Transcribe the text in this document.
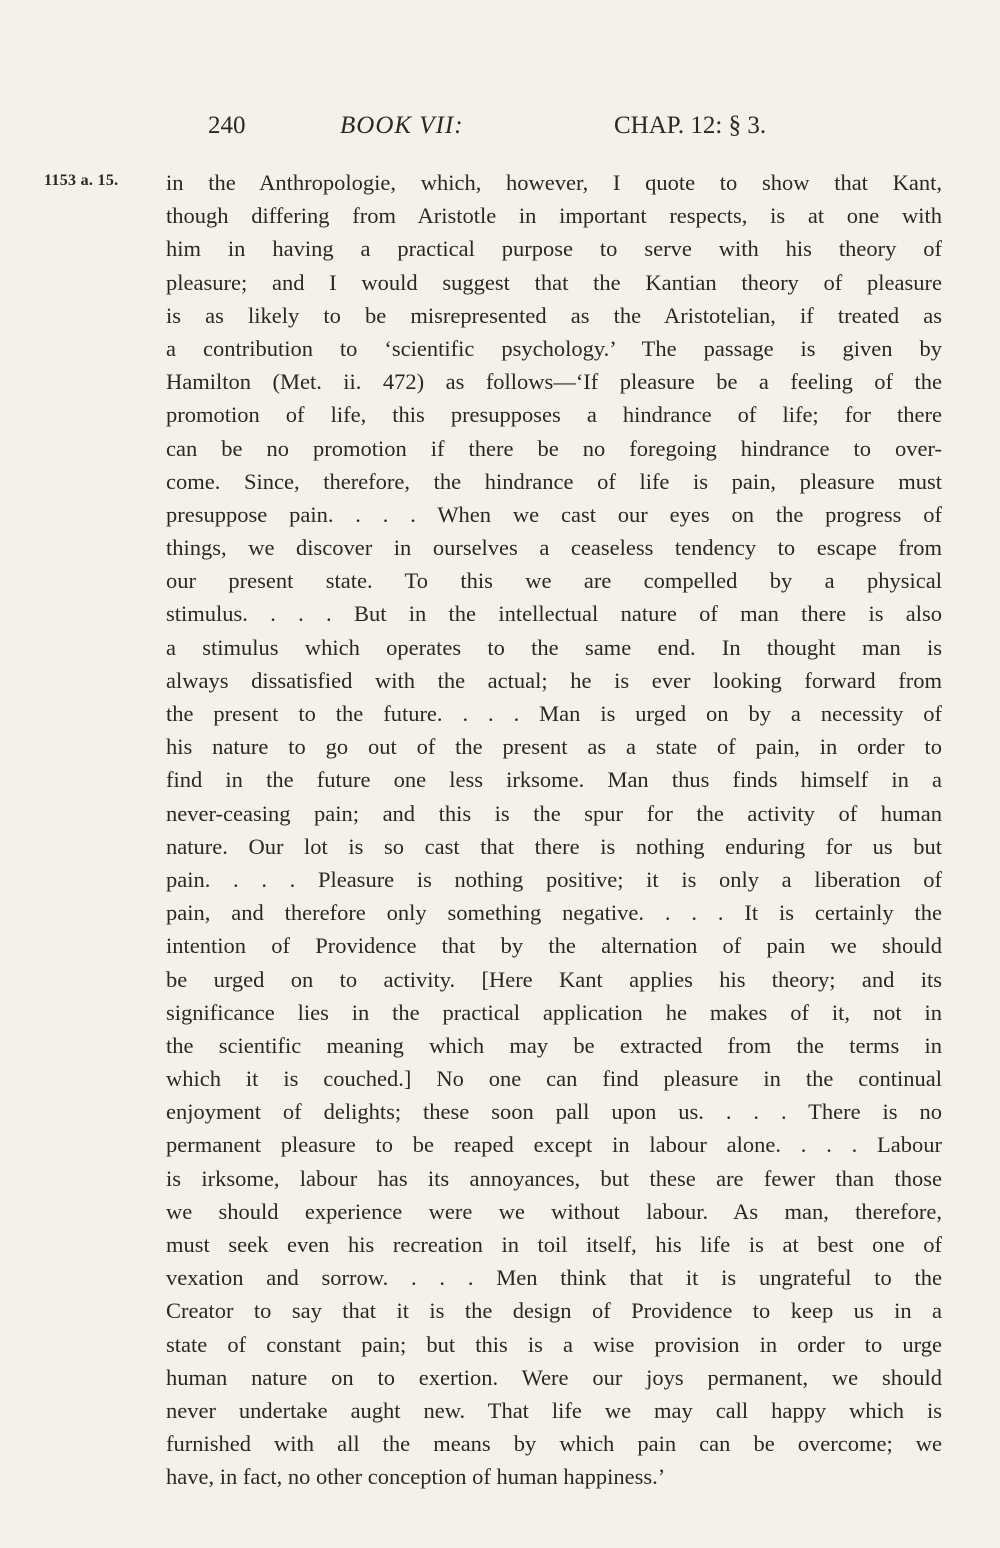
240	BOOK VII:	CHAP. 12: § 3.
1153 a. 15. in the Anthropologie, which, however, I quote to show that Kant,
though differing from Aristotle in important respects, is at one with
him in having a practical purpose to serve with his theory of
pleasure; and I would suggest that the Kantian theory of pleasure
is as likely to be misrepresented as the Aristotelian, if treated as
a contribution to ‘scientific psychology.’ The passage is given by
Hamilton (Met. ii. 472) as follows—‘If pleasure be a feeling of the
promotion of life, this presupposes a hindrance of life; for there
can be no promotion if there be no foregoing hindrance to over-
come. Since, therefore, the hindrance of life is pain, pleasure must
presuppose pain. . . . When we cast our eyes on the progress of
things, we discover in ourselves a ceaseless tendency to escape from
our present state. To this we are compelled by a physical
stimulus. . . . But in the intellectual nature of man there is also
a stimulus which operates to the same end. In thought man is
always dissatisfied with the actual; he is ever looking forward from
the present to the future. . . . Man is urged on by a necessity of
his nature to go out of the present as a state of pain, in order to
find in the future one less irksome. Man thus finds himself in a
never-ceasing pain; and this is the spur for the activity of human
nature. Our lot is so cast that there is nothing enduring for us but
pain. . . . Pleasure is nothing positive; it is only a liberation of
pain, and therefore only something negative. . . . It is certainly the
intention of Providence that by the alternation of pain we should
be urged on to activity. [Here Kant applies his theory; and its
significance lies in the practical application he makes of it, not in
the scientific meaning which may be extracted from the terms in
which it is couched.] No one can find pleasure in the continual
enjoyment of delights; these soon pall upon us. . . . There is no
permanent pleasure to be reaped except in labour alone. . . . Labour
is irksome, labour has its annoyances, but these are fewer than those
we should experience were we without labour. As man, therefore,
must seek even his recreation in toil itself, his life is at best one of
vexation and sorrow. . . . Men think that it is ungrateful to the
Creator to say that it is the design of Providence to keep us in a
state of constant pain; but this is a wise provision in order to urge
human nature on to exertion. Were our joys permanent, we should
never undertake aught new. That life we may call happy which is
furnished with all the means by which pain can be overcome; we
have, in fact, no other conception of human happiness.’
